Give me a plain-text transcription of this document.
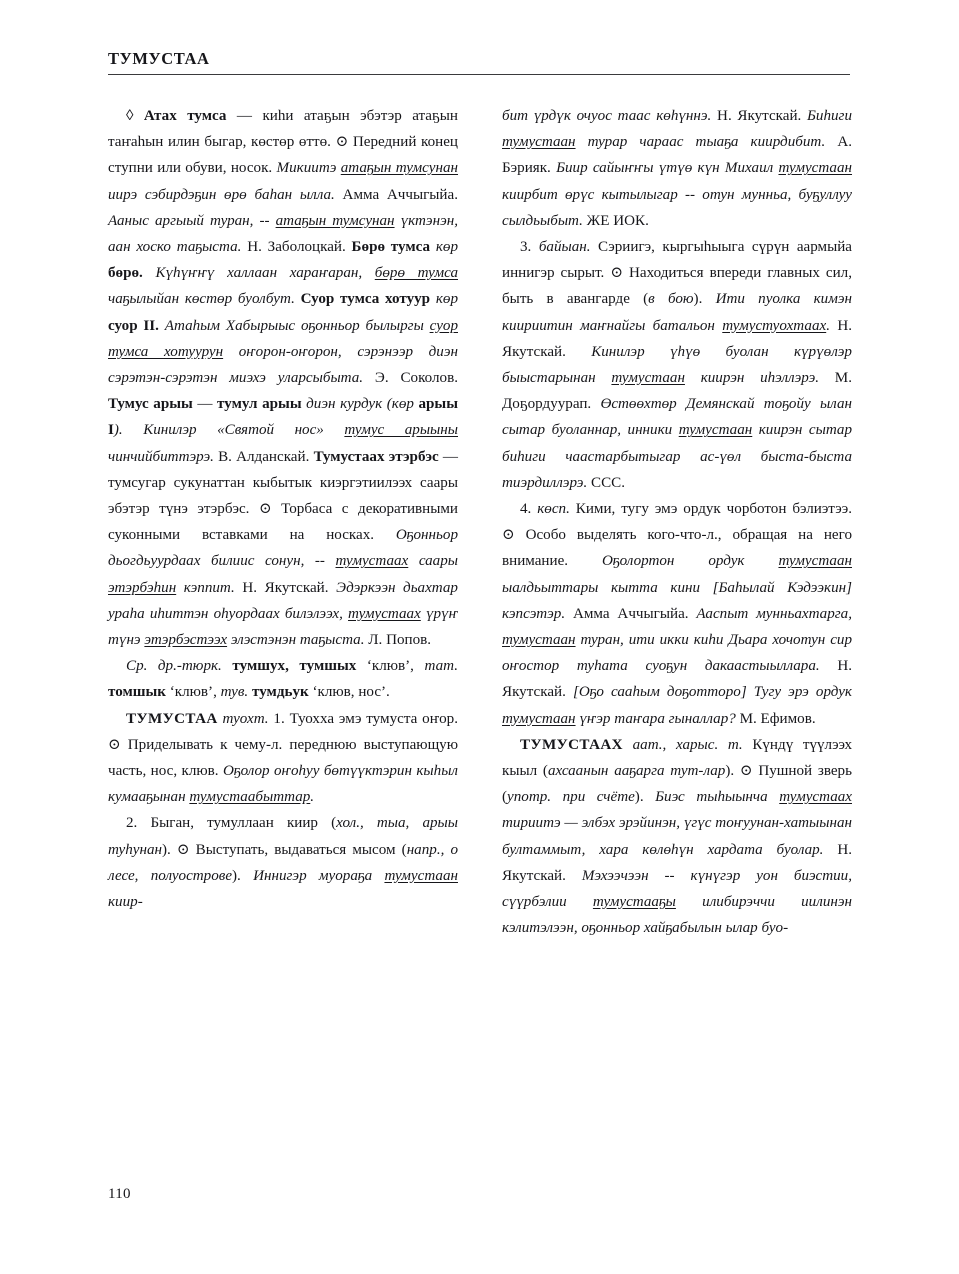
ТУМУСТАА

◊ Атах тумса — киһи атаҕын эбэтэр атаҕын таҥаһын илин быгар, көстөр өттө. ⊙ Передний конец ступни или обуви, носок. Микиитэ атаҕын тумсунан иирэ сэбирдэҕин өрө баһан ылла. Амма Аччыгыйа. Ааныс аргыый туран, -- атаҕын тумсунан үктэнэн, аан хоско таҕыста. Н. Заболоцкай. Бөрө тумса көр бөрө. Күһүҥҥү халлаан хараҥаран, бөрө тумса чаҕылыйан көстөр буолбут. Суор тумса хотуур көр суор II. Атаһым Хабырыыс оҕонньор былыргы суор тумса хотуурун оҥорон-оҥорон, сэрэнээр диэн сэрэтэн-сэрэтэн миэхэ уларсыбыта. Э. Соколов. Тумус арыы — тумул арыы диэн курдук (көр арыы I). Кинилэр «Святой нос» тумус арыыны чинчийбиттэрэ. В. Алданскай. Тумустаах этэрбэс — тумсугар сукунаттан кыбытык киэргэтиилээх саары эбэтэр түнэ этэрбэс. ⊙ Торбаса с декоративными суконными вставками на носках. Оҕонньор дьогдьуурдаах билиис сонун, -- тумустаах саары этэрбэһин кэппит. Н. Якутскай. Эдэркээн дьахтар ураһа иһиттэн оһуордаах билэлээх, тумустаах үрүҥ түнэ этэрбэстээх элэстэнэн таҕыста. Л. Попов.

Ср. др.-тюрк. тумшух, тумшых ‘клюв’, тат. томшык ‘клюв’, тув. тумдьук ‘клюв, нос’.

ТУМУСТАА туохт. 1. Туохха эмэ тумуста оҥор. ⊙ Приделывать к чему-л. переднюю выступающую часть, нос, клюв. Оҕолор оҥоһуу бөтүүктэрин кыһыл кумааҕынан тумустаабыттар.

2. Быган, тумуллаан киир (хол., тыа, арыы туһунан). ⊙ Выступать, выдаваться мысом (напр., о лесе, полуострове). Иннигэр муораҕа тумустаан киир-

бит үрдүк очуос таас көһүннэ. Н. Якутскай. Биһиги тумустаан турар чараас тыаҕа киирдибит. А. Бэрияк. Биир сайыҥҥы үтүө күн Михаил тумустаан киирбит өрүс кытылыгар -- отун мунньа, буҕуллуу сылдьыбыт. ЖЕ ИОК.

3. байыан. Сэриигэ, кыргыһыыга сүрүн аармыйа иннигэр сырыт. ⊙ Находиться впереди главных сил, быть в авангарде (в бою). Ити пуолка кимэн киириитин маҥнайгы батальон тумустуохтаах. Н. Якутскай. Кинилэр үһүө буолан күрүөлэр быыстарынан тумустаан киирэн иһэллэрэ. М. Доҕордуурап. Өстөөхтөр Демянскай тоҕойу ылан сытар буоланнар, инники тумустаан киирэн сытар биһиги чаастарбытыгар ас-үөл быста-быста тиэрдиллэрэ. ССС.

4. көсп. Кими, тугу эмэ ордук чорботон бэлиэтээ. ⊙ Особо выделять кого-что-л., обращая на него внимание. Оҕолортон ордук тумустаан ыалдьыттары кытта кини [Баһылай Кэдээкин] кэпсэтэр. Амма Аччыгыйа. Ааспыт мунньахтарга, тумустаан туран, ити икки киһи Дьара хочотун сир оҥостор туһата суоҕун дакаастыыллара. Н. Якутскай. [Оҕо сааһым доҕотторо] Тугу эрэ ордук тумустаан үҥэр таҥара гыналлар? М. Ефимов.

ТУМУСТААХ аат., харыс. т. Күндү түүлээх кыыл (ахсаанын ааҕарга тут-лар). ⊙ Пушной зверь (употр. при счёте). Биэс тыһыынча тумустаах тириитэ — элбэх эрэйинэн, үгүс тоҥуунан-хатыынан бултаммыт, хара көлөһүн хардата буолар. Н. Якутскай. Мэхээчээн -- күнүгэр уон биэстии, сүүрбэлии тумустааҕы илибирэччи иилинэн кэлитэлээн, оҕонньор хайҕабылын ылар буо-

110
